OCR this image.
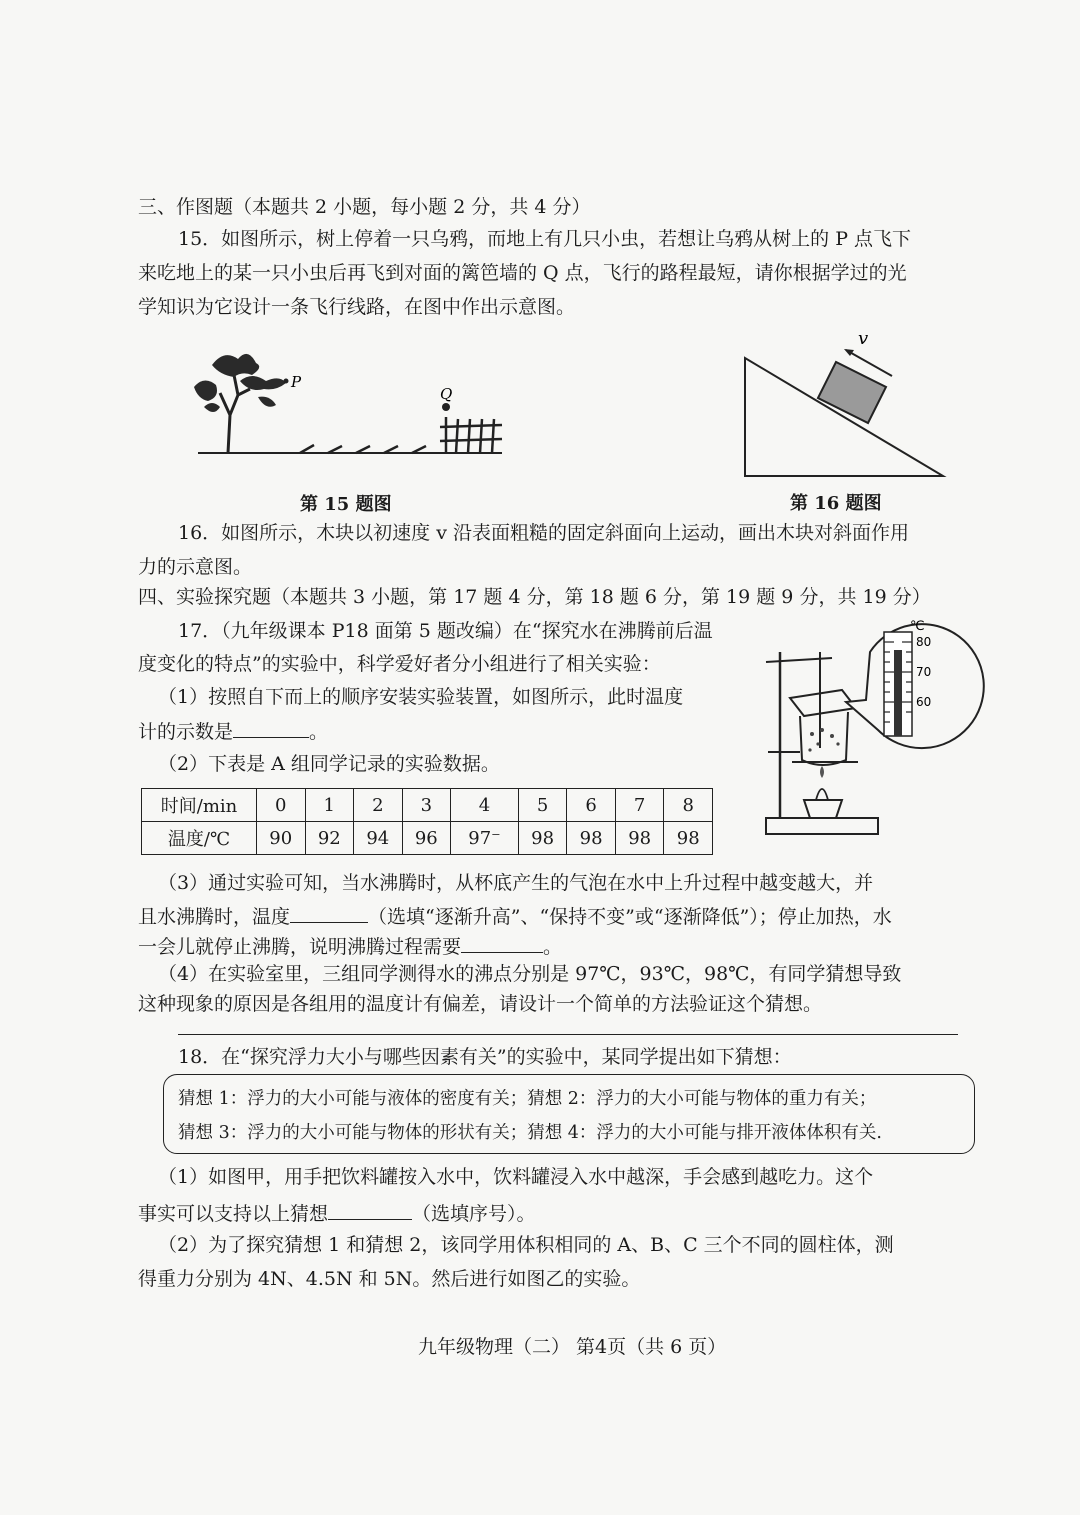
三、作图题（本题共 2 小题，每小题 2 分，共 4 分）
15．如图所示，树上停着一只乌鸦，而地上有几只小虫，若想让乌鸦从树上的 P 点飞下
来吃地上的某一只小虫后再飞到对面的篱笆墙的 Q 点，飞行的路程最短，请你根据学过的光
学知识为它设计一条飞行线路，在图中作出示意图。
P
Q
第 15 题图
v
第 16 题图
16．如图所示，木块以初速度 v 沿表面粗糙的固定斜面向上运动，画出木块对斜面作用
力的示意图。
四、实验探究题（本题共 3 小题，第 17 题 4 分，第 18 题 6 分，第 19 题 9 分，共 19 分）
17．（九年级课本 P18 面第 5 题改编）在“探究水在沸腾前后温
度变化的特点”的实验中，科学爱好者分小组进行了相关实验：
（1）按照自下而上的顺序安装实验装置，如图所示，此时温度
计的示数是	。
（2）下表是 A 组同学记录的实验数据。
℃
80
70
60
时间/min	0	1	2	3	4	5	6	7	8
温度/℃	90	92	94	96	97⁻	98	98	98	98
（3）通过实验可知，当水沸腾时，从杯底产生的气泡在水中上升过程中越变越大，并
且水沸腾时，温度	（选填“逐渐升高”、“保持不变”或“逐渐降低”）；停止加热，水
一会儿就停止沸腾，说明沸腾过程需要	。
（4）在实验室里，三组同学测得水的沸点分别是 97℃，93℃，98℃，有同学猜想导致
这种现象的原因是各组用的温度计有偏差，请设计一个简单的方法验证这个猜想。
18．在“探究浮力大小与哪些因素有关”的实验中，某同学提出如下猜想：
猜想 1：浮力的大小可能与液体的密度有关；猜想 2：浮力的大小可能与物体的重力有关；
猜想 3：浮力的大小可能与物体的形状有关；猜想 4：浮力的大小可能与排开液体体积有关.
（1）如图甲，用手把饮料罐按入水中，饮料罐浸入水中越深，手会感到越吃力。这个
事实可以支持以上猜想	（选填序号）。
（2）为了探究猜想 1 和猜想 2，该同学用体积相同的 A、B、C 三个不同的圆柱体，测
得重力分别为 4N、4.5N 和 5N。然后进行如图乙的实验。
九年级物理（二） 第4页（共 6 页）
